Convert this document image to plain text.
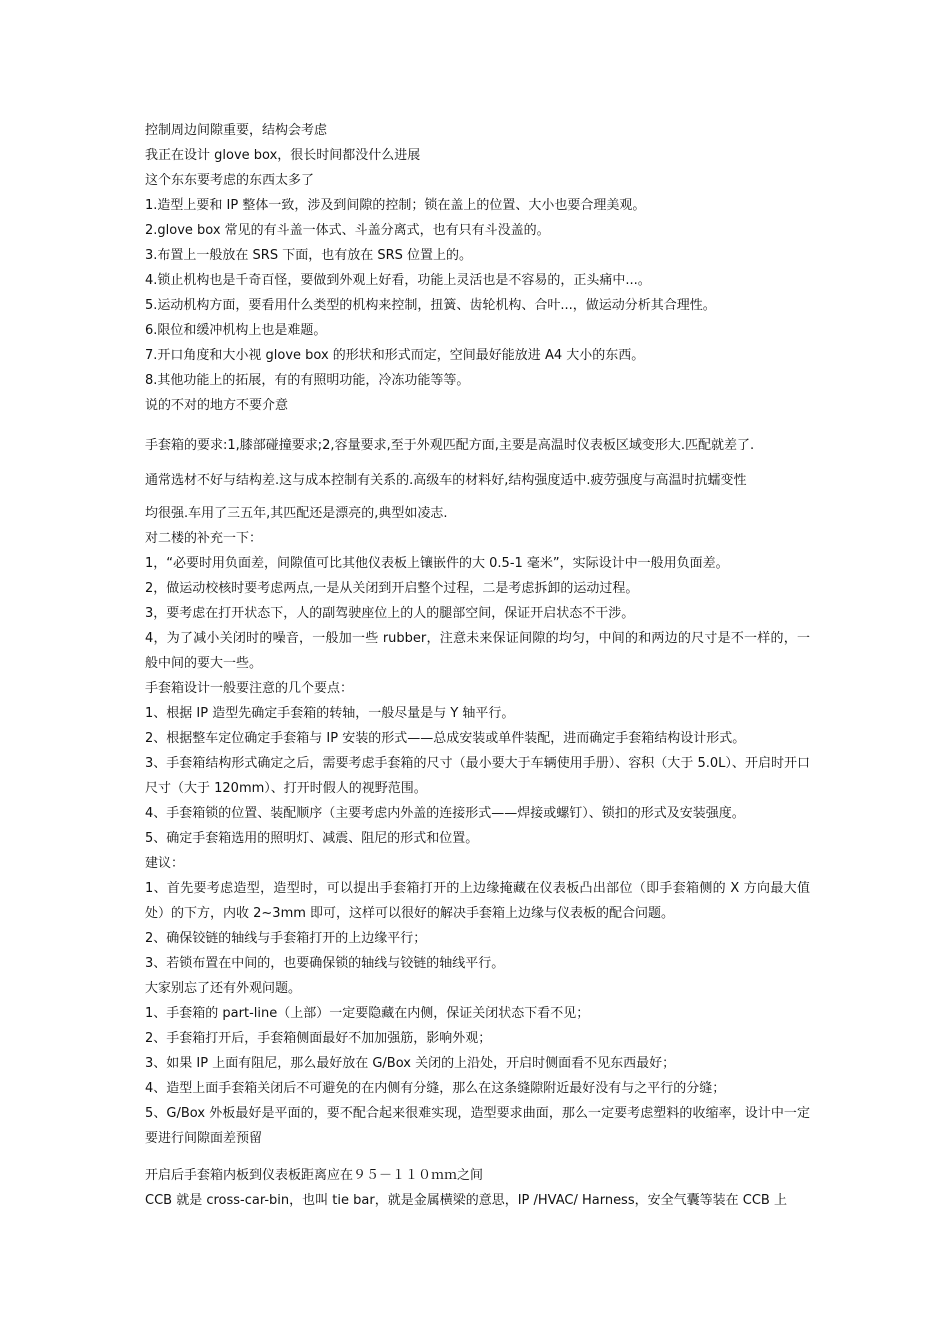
控制周边间隙重要，结构会考虑
我正在设计 glove box，很长时间都没什么进展
这个东东要考虑的东西太多了
1.造型上要和 IP 整体一致，涉及到间隙的控制；锁在盖上的位置、大小也要合理美观。
2.glove box 常见的有斗盖一体式、斗盖分离式，也有只有斗没盖的。
3.布置上一般放在 SRS 下面，也有放在 SRS 位置上的。
4.锁止机构也是千奇百怪，要做到外观上好看，功能上灵活也是不容易的，正头痛中...。
5.运动机构方面，要看用什么类型的机构来控制，扭簧、齿轮机构、合叶...，做运动分析其合理性。
6.限位和缓冲机构上也是难题。
7.开口角度和大小视 glove box 的形状和形式而定，空间最好能放进 A4 大小的东西。
8.其他功能上的拓展，有的有照明功能，冷冻功能等等。
说的不对的地方不要介意
手套箱的要求:1,膝部碰撞要求;2,容量要求,至于外观匹配方面,主要是高温时仪表板区域变形大.匹配就差了.
通常选材不好与结构差.这与成本控制有关系的.高级车的材料好,结构强度适中.疲劳强度与高温时抗蠕变性
均很强.车用了三五年,其匹配还是漂亮的,典型如凌志.
对二楼的补充一下：
1，“必要时用负面差，间隙值可比其他仪表板上镶嵌件的大 0.5-1 毫米”，实际设计中一般用负面差。
2，做运动校核时要考虑两点,一是从关闭到开启整个过程，二是考虑拆卸的运动过程。
3，要考虑在打开状态下，人的副驾驶座位上的人的腿部空间，保证开启状态不干涉。
4，为了减小关闭时的噪音，一般加一些 rubber，注意未来保证间隙的均匀，中间的和两边的尺寸是不一样的，一般中间的要大一些。
手套箱设计一般要注意的几个要点：
1、根据 IP 造型先确定手套箱的转轴，一般尽量是与 Y 轴平行。
2、根据整车定位确定手套箱与 IP 安装的形式——总成安装或单件装配，进而确定手套箱结构设计形式。
3、手套箱结构形式确定之后，需要考虑手套箱的尺寸（最小要大于车辆使用手册）、容积（大于 5.0L）、开启时开口尺寸（大于 120mm）、打开时假人的视野范围。
4、手套箱锁的位置、装配顺序（主要考虑内外盖的连接形式——焊接或螺钉）、锁扣的形式及安装强度。
5、确定手套箱选用的照明灯、减震、阻尼的形式和位置。
建议：
1、首先要考虑造型，造型时，可以提出手套箱打开的上边缘掩藏在仪表板凸出部位（即手套箱侧的 X 方向最大值处）的下方，内收 2~3mm 即可，这样可以很好的解决手套箱上边缘与仪表板的配合问题。
2、确保铰链的轴线与手套箱打开的上边缘平行；
3、若锁布置在中间的，也要确保锁的轴线与铰链的轴线平行。
大家别忘了还有外观问题。
1、手套箱的 part-line（上部）一定要隐藏在内侧，保证关闭状态下看不见；
2、手套箱打开后，手套箱侧面最好不加加强筋，影响外观；
3、如果 IP 上面有阻尼，那么最好放在 G/Box 关闭的上沿处，开启时侧面看不见东西最好；
4、造型上面手套箱关闭后不可避免的在内侧有分缝，那么在这条缝隙附近最好没有与之平行的分缝；
5、G/Box 外板最好是平面的，要不配合起来很难实现，造型要求曲面，那么一定要考虑塑料的收缩率，设计中一定要进行间隙面差预留
开启后手套箱内板到仪表板距离应在９５－１１０ｍｍ之间
CCB 就是 cross-car-bin，也叫 tie bar，就是金属横梁的意思，IP /HVAC/ Harness，安全气囊等装在 CCB 上
